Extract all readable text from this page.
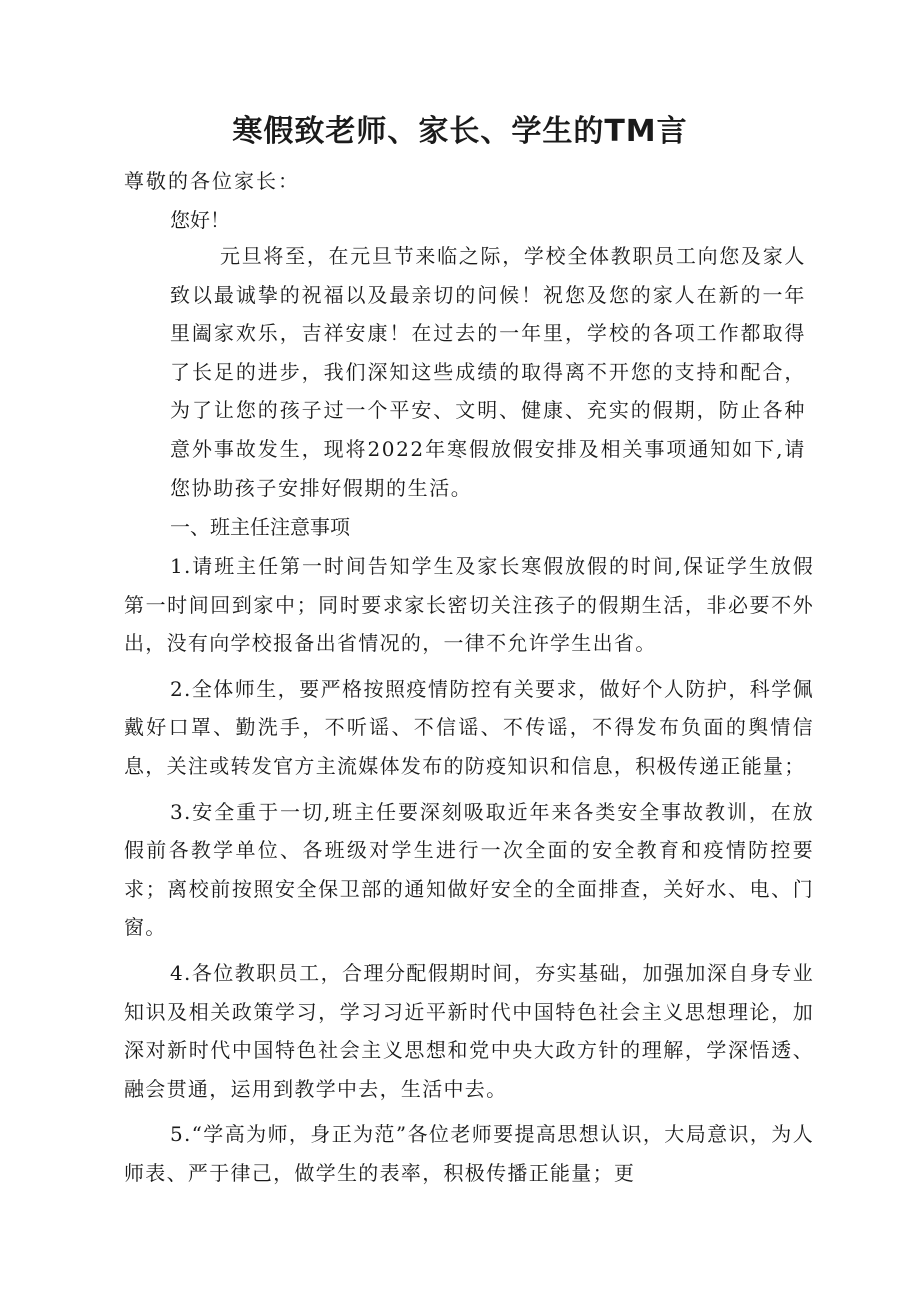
寒假致老师、家长、学生的TM言
尊敬的各位家长：
您好！
元旦将至，在元旦节来临之际，学校全体教职员工向您及家人致以最诚挚的祝福以及最亲切的问候！祝您及您的家人在新的一年里阖家欢乐，吉祥安康！在过去的一年里，学校的各项工作都取得了长足的进步，我们深知这些成绩的取得离不开您的支持和配合，为了让您的孩子过一个平安、文明、健康、充实的假期，防止各种意外事故发生，现将2022年寒假放假安排及相关事项通知如下,请您协助孩子安排好假期的生活。
一、班主任注意事项

1.请班主任第一时间告知学生及家长寒假放假的时间,保证学生放假第一时间回到家中；同时要求家长密切关注孩子的假期生活，非必要不外出，没有向学校报备出省情况的，一律不允许学生出省。

2.全体师生，要严格按照疫情防控有关要求，做好个人防护，科学佩戴好口罩、勤洗手，不听谣、不信谣、不传谣，不得发布负面的舆情信息，关注或转发官方主流媒体发布的防疫知识和信息，积极传递正能量；

3.安全重于一切,班主任要深刻吸取近年来各类安全事故教训，在放假前各教学单位、各班级对学生进行一次全面的安全教育和疫情防控要求；离校前按照安全保卫部的通知做好安全的全面排查，关好水、电、门窗。

4.各位教职员工，合理分配假期时间，夯实基础，加强加深自身专业知识及相关政策学习，学习习近平新时代中国特色社会主义思想理论，加深对新时代中国特色社会主义思想和党中央大政方针的理解，学深悟透、融会贯通，运用到教学中去，生活中去。

5.“学高为师，身正为范”各位老师要提高思想认识，大局意识，为人师表、严于律己，做学生的表率，积极传播正能量；更
